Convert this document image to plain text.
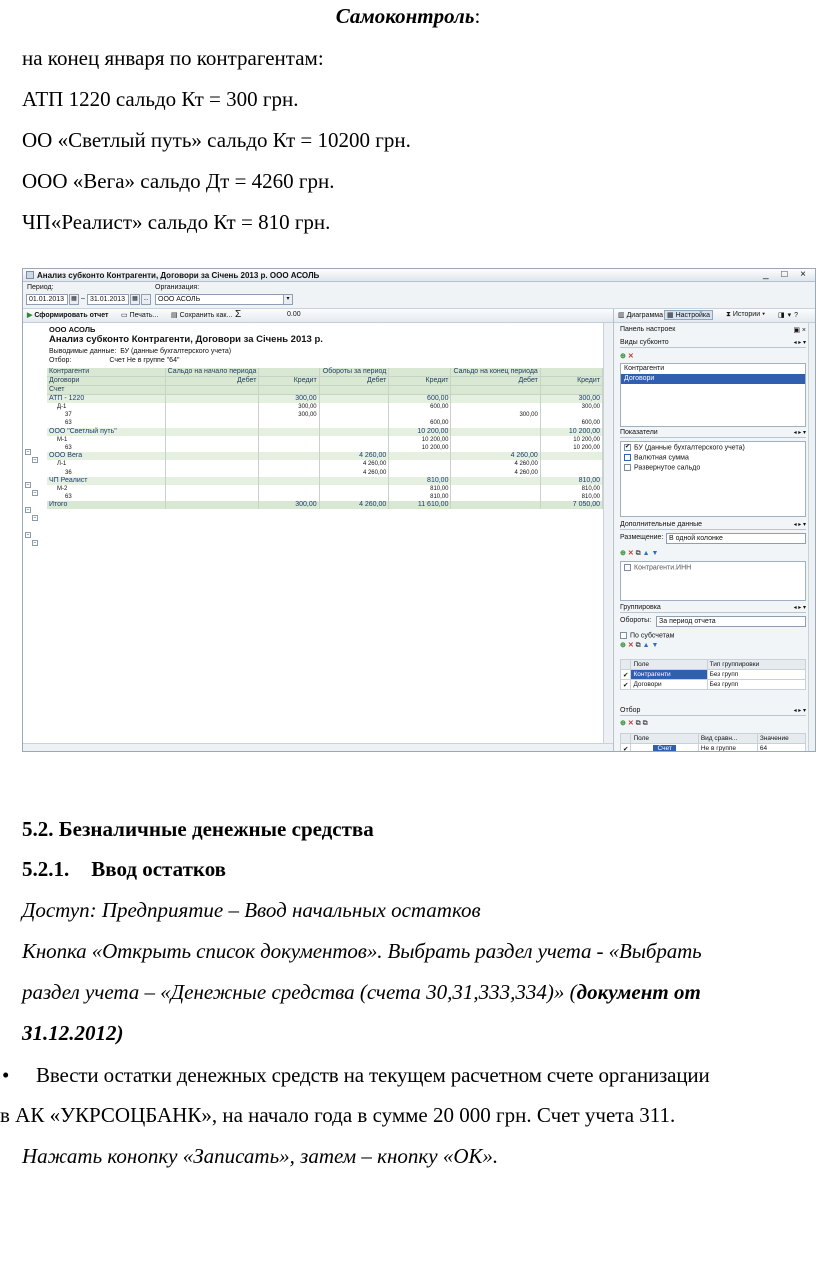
Самоконтроль:
на конец января по контрагентам:
АТП 1220 сальдо Кт = 300 грн.
ОО «Светлый путь» сальдо Кт = 10200 грн.
ООО «Вега» сальдо Дт = 4260 грн.
ЧП«Реалист» сальдо Кт = 810 грн.
Анализ субконто Контрагенти, Договори за Січень 2013 р. ООО АСОЛЬ	_ □ ×
Период:
01.01.2013	▦ – 31.01.2013	▦ ...
Организация:
ООО АСОЛЬ	▾
▶ Сформировать отчет ▭ Печать... ▤ Сохранить как... Σ	0.00
ООО АСОЛЬ
Анализ субконто Контрагенти, Договори за Січень 2013 р.
Выводимые данные: БУ (данные бухгалтерского учета)
Отбор:	Счет Не в группе "64"
−
−
−
−
−
−
−
−
Контрагенти	Сальдо на начало периода		Обороты за период		Сальдо на конец периода	
Договори	Дебет	Кредит	Дебет	Кредит	Дебет	Кредит
Счет						
АТП - 1220		300,00		600,00		300,00
Д-1		300,00		600,00		300,00
37		300,00			300,00	
63				600,00		600,00
ООО "Светлый путь"				10 200,00		10 200,00
М-1				10 200,00		10 200,00
63				10 200,00		10 200,00
ООО Вега			4 260,00		4 260,00	
Л-1			4 260,00		4 260,00	
36			4 260,00		4 260,00	
ЧП Реалист				810,00		810,00
М-2				810,00		810,00
63				810,00		810,00
Итого		300,00	4 260,00	11 610,00		7 050,00
▥ Диаграмма ▦ Настройка	⧗ Истории ▾ ◨▾?
Панель настроек	▣ ×
Виды субконто	◂ ▸ ▾
⊕ ✕
Контрагенти
Договори
Показатели	◂ ▸ ▾
✔ БУ (данные бухгалтерского учета)
Валютная сумма
Развернутое сальдо
Дополнительные данные	◂ ▸ ▾
Размещение: В одной колонке
⊕ ✕ ⧉ ▲ ▼
Контрагенти.ИНН
Группировка	◂ ▸ ▾
Обороты:	За период отчета
По субсчетам
⊕ ✕ ⧉ ▲ ▼
	Поле	Тип группировки
✔	Контрагенти	Без групп
✔	Договори	Без групп
Отбор	◂ ▸ ▾
⊕ ✕ ⧉ ⧉
	Поле	Вид сравн...	Значение
✔	Счет	Не в группе	64
5.2. Безналичные денежные средства
5.2.1. Ввод остатков
Доступ: Предприятие – Ввод начальных остатков
Кнопка «Открыть список документов». Выбрать раздел учета - «Выбрать
раздел учета – «Денежные средства (счета 30,31,333,334)» (документ от
31.12.2012)
• Ввести остатки денежных средств на текущем расчетном счете организации
в АК «УКРСОЦБАНК», на начало года в сумме 20 000 грн. Счет учета 311.
Нажать конопку «Записать», затем – кнопку «ОК».
